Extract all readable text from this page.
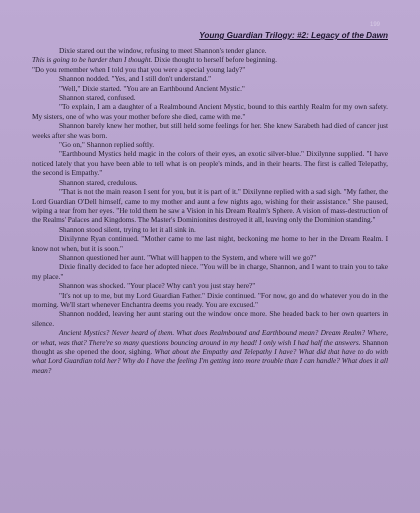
199
Young Guardian Trilogy: #2: Legacy of the Dawn

Dixie stared out the window, refusing to meet Shannon's tender glance.

This is going to be harder than I thought. Dixie thought to herself before beginning.

"Do you remember when I told you that you were a special young lady?"

Shannon nodded. "Yes, and I still don't understand."

"Well," Dixie started. "You are an Earthbound Ancient Mystic."

Shannon stared, confused.

"To explain, I am a daughter of a Realmbound Ancient Mystic, bound to this earthly Realm for my own safety. My sisters, one of who was your mother before she died, came with me."

Shannon barely knew her mother, but still held some feelings for her. She knew Sarabeth had died of cancer just weeks after she was born.

"Go on," Shannon replied softly.

"Earthbound Mystics held magic in the colors of their eyes, an exotic silver-blue." Dixilynne supplied. "I have noticed lately that you have been able to tell what is on people's minds, and in their hearts. The first is called Telepathy, the second is Empathy."

Shannon stared, credulous.

"That is not the main reason I sent for you, but it is part of it." Dixilynne replied with a sad sigh. "My father, the Lord Guardian O'Dell himself, came to my mother and aunt a few nights ago, wishing for their assistance." She paused, wiping a tear from her eyes. "He told them he saw a Vision in his Dream Realm's Sphere. A vision of mass-destruction of the Realms' Palaces and Kingdoms. The Master's Dominionites destroyed it all, leaving only the Dominion standing."

Shannon stood silent, trying to let it all sink in.

Dixilynne Ryan continued. "Mother came to me last night, beckoning me home to her in the Dream Realm. I know not when, but it is soon."

Shannon questioned her aunt. "What will happen to the System, and where will we go?"

Dixie finally decided to face her adopted niece. "You will be in charge, Shannon, and I want to train you to take my place."

Shannon was shocked. "Your place? Why can't you just stay here?"

"It's not up to me, but my Lord Guardian Father." Dixie continued. "For now, go and do whatever you do in the morning. We'll start whenever Enchantra deems you ready. You are excused."

Shannon nodded, leaving her aunt staring out the window once more. She headed back to her own quarters in silence.

Ancient Mystics? Never heard of them. What does Realmbound and Earthbound mean? Dream Realm? Where, or what, was that? There're so many questions bouncing around in my head! I only wish I had half the answers. Shannon thought as she opened the door, sighing. What about the Empathy and Telepathy I have? What did that have to do with what Lord Guardian told her? Why do I have the feeling I'm getting into more trouble than I can handle? What does it all mean?
